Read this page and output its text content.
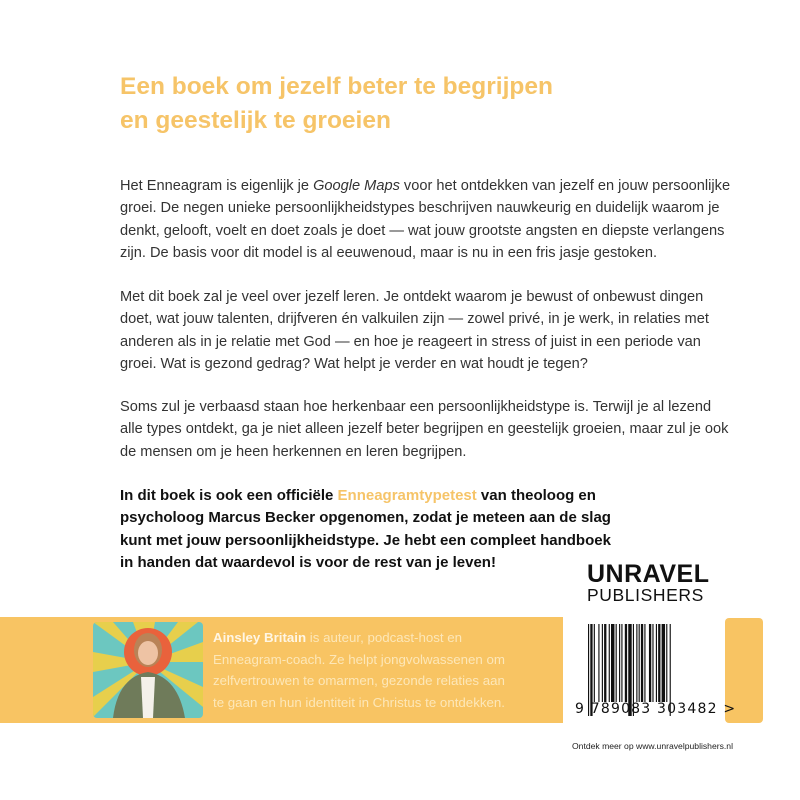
Een boek om jezelf beter te begrijpen
en geestelijk te groeien
Het Enneagram is eigenlijk je Google Maps voor het ontdekken van jezelf en jouw persoonlijke
groei. De negen unieke persoonlijkheidstypes beschrijven nauwkeurig en duidelijk waarom je
denkt, gelooft, voelt en doet zoals je doet — wat jouw grootste angsten en diepste verlangens
zijn. De basis voor dit model is al eeuwenoud, maar is nu in een fris jasje gestoken.
Met dit boek zal je veel over jezelf leren. Je ontdekt waarom je bewust of onbewust dingen
doet, wat jouw talenten, drijfveren én valkuilen zijn — zowel privé, in je werk, in relaties met
anderen als in je relatie met God — en hoe je reageert in stress of juist in een periode van
groei. Wat is gezond gedrag? Wat helpt je verder en wat houdt je tegen?
Soms zul je verbaasd staan hoe herkenbaar een persoonlijkheidstype is. Terwijl je al lezend
alle types ontdekt, ga je niet alleen jezelf beter begrijpen en geestelijk groeien, maar zul je ook
de mensen om je heen herkennen en leren begrijpen.
In dit boek is ook een officiële Enneagramtypetest van theoloog en
psycholoog Marcus Becker opgenomen, zodat je meteen aan de slag
kunt met jouw persoonlijkheidstype. Je hebt een compleet handboek
in handen dat waardevol is voor de rest van je leven!	UNRAVEL
PUBLISHERS
Ainsley Britain is auteur, podcast-host en
Enneagram-coach. Ze helpt jongvolwassenen om
zelfvertrouwen te omarmen, gezonde relaties aan
te gaan en hun identiteit in Christus te ontdekken.	9 789083 303482 >
Ontdek meer op www.unravelpublishers.nl
